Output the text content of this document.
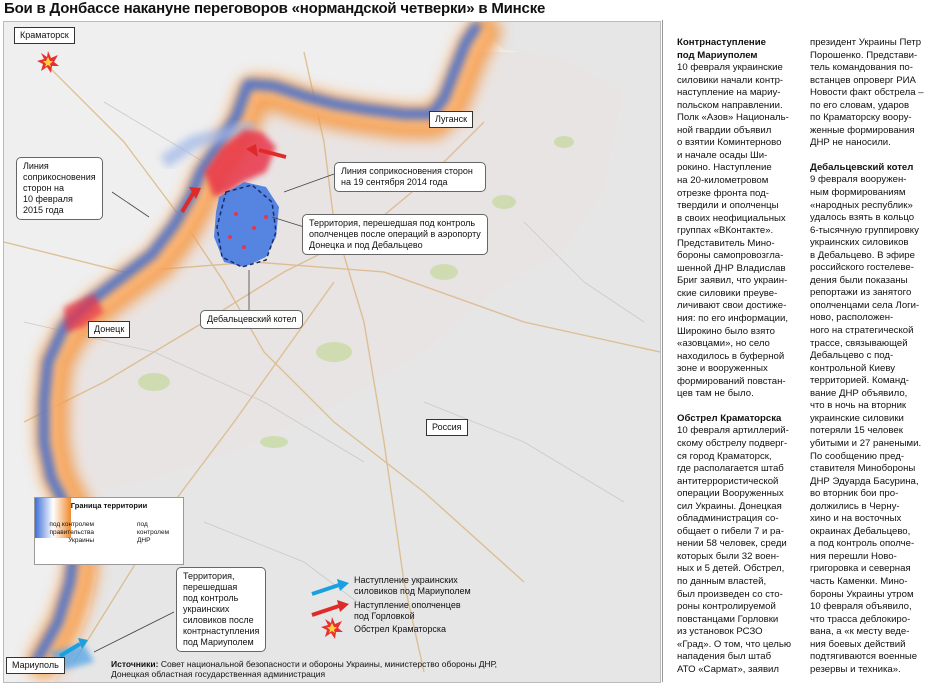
Бои в Донбассе накануне переговоров «нормандской четверки» в Минске
Краматорск
Луганск
Донецк
Мариуполь
Россия
Линия
соприкосновения
сторон на
10 февраля
2015 года
Линия соприкосновения сторон на 19 сентября 2014 года
Территория, перешедшая под контроль
ополченцев после операций в аэропорту
Донецка и под Дебальцево
Дебальцевский котел
Территория,
перешедшая
под контроль
украинских
силовиков после
контрнаступления
под Мариуполем
Граница территории
под контролем
правительства
Украины
под контролем
ДНР
Наступление украинских
силовиков под Мариуполем
Наступление ополченцев
под Горловкой
Обстрел Краматорска
Источники: Совет национальной безопасности и обороны Украины, министерство обороны ДНР,
Донецкая областная государственная администрация
Контрнаступление
под Мариуполем

10 февраля украинские
силовики начали контр-
наступление на мариу-
польском направлении.
Полк «Азов» Националь-
ной гвардии объявил
о взятии Коминтерново
и начале осады Ши-
рокино. Наступление
на 20-километровом
отрезке фронта под-
твердили и ополченцы
в своих неофициальных
группах «ВКонтакте».
Представитель Мино-
бороны самопровозгла-
шенной ДНР Владислав
Бриг заявил, что украин-
ские силовики преуве-
личивают свои достиже-
ния: по его информации,
Широкино было взято
«азовцами», но село
находилось в буферной
зоне и вооруженных
формирований повстан-
цев там не было.

Обстрел Краматорска

10 февраля артиллерий-
скому обстрелу подверг-
ся город Краматорск,
где располагается штаб
антитеррористической
операции Вооруженных
сил Украины. Донецкая
обладминистрация со-
общает о гибели 7 и ра-
нении 58 человек, среди
которых были 32 воен-
ных и 5 детей. Обстрел,
по данным властей,
был произведен со сто-
роны контролируемой
повстанцами Горловки
из установок РСЗО
«Град». О том, что целью
нападения был штаб
АТО «Сармат», заявил

президент Украины Петр
Порошенко. Представи-
тель командования по-
встанцев опроверг РИА
Новости факт обстрела –
по его словам, ударов
по Краматорску воору-
женные формирования
ДНР не наносили.

Дебальцевский котел

9 февраля вооружен-
ным формированиям
«народных республик»
удалось взять в кольцо
6-тысячную группировку
украинских силовиков
в Дебальцево. В эфире
российского гостелеве-
дения были показаны
репортажи из занятого
ополченцами села Логи-
ново, расположен-
ного на стратегической
трассе, связывающей
Дебальцево с под-
контрольной Киеву
территорией. Команд-
вание ДНР объявило,
что в ночь на вторник
украинские силовики
потеряли 15 человек
убитыми и 27 ранеными.
По сообщению пред-
ставителя Минобороны
ДНР Эдуарда Басурина,
во вторник бои про-
должились в Черну-
хино и на восточных
окраинах Дебальцево,
а под контроль ополче-
ния перешли Ново-
григоровка и северная
часть Каменки. Мино-
бороны Украины утром
10 февраля объявило,
что трасса деблокиро-
вана, а «к месту веде-
ния боевых действий
подтягиваются военные
резервы и техника».
